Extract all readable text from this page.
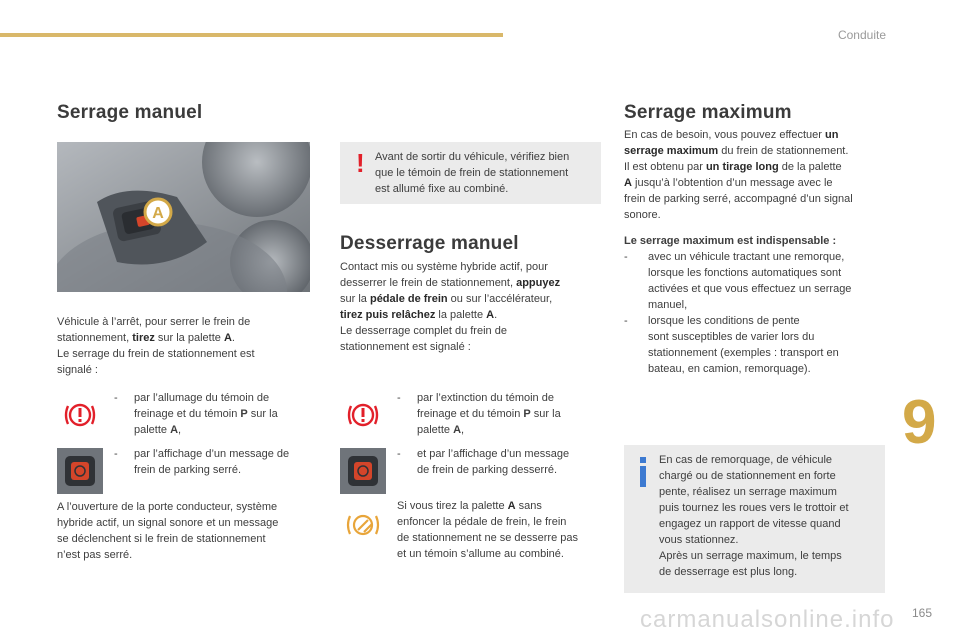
Conduite
9
carmanualsonline.info 165
Serrage manuel
A
Véhicule à l’arrêt, pour serrer le frein de
stationnement, tirez sur la palette A.
Le serrage du frein de stationnement est
signalé :
- par l’allumage du témoin de
freinage et du témoin P sur la
palette A,
- par l’affichage d’un message de
frein de parking serré.
A l’ouverture de la porte conducteur, système
hybride actif, un signal sonore et un message
se déclenchent si le frein de stationnement
n’est pas serré.
! Avant de sortir du véhicule, vérifiez bien
que le témoin de frein de stationnement
est allumé fixe au combiné.
Desserrage manuel
Contact mis ou système hybride actif, pour
desserrer le frein de stationnement, appuyez
sur la pédale de frein ou sur l’accélérateur,
tirez puis relâchez la palette A.
Le desserrage complet du frein de
stationnement est signalé :
- par l’extinction du témoin de
freinage et du témoin P sur la
palette A,
- et par l’affichage d’un message
de frein de parking desserré.
Si vous tirez la palette A sans
enfoncer la pédale de frein, le frein
de stationnement ne se desserre pas
et un témoin s’allume au combiné.
Serrage maximum
En cas de besoin, vous pouvez effectuer un
serrage maximum du frein de stationnement.
Il est obtenu par un tirage long de la palette
A jusqu’à l’obtention d’un message avec le
frein de parking serré, accompagné d’un signal
sonore.
Le serrage maximum est indispensable :
- avec un véhicule tractant une remorque,
lorsque les fonctions automatiques sont
activées et que vous effectuez un serrage
manuel,
- lorsque les conditions de pente
sont susceptibles de varier lors du
stationnement (exemples : transport en
bateau, en camion, remorquage).
En cas de remorquage, de véhicule
chargé ou de stationnement en forte
pente, réalisez un serrage maximum
puis tournez les roues vers le trottoir et
engagez un rapport de vitesse quand
vous stationnez.
Après un serrage maximum, le temps
de desserrage est plus long.
